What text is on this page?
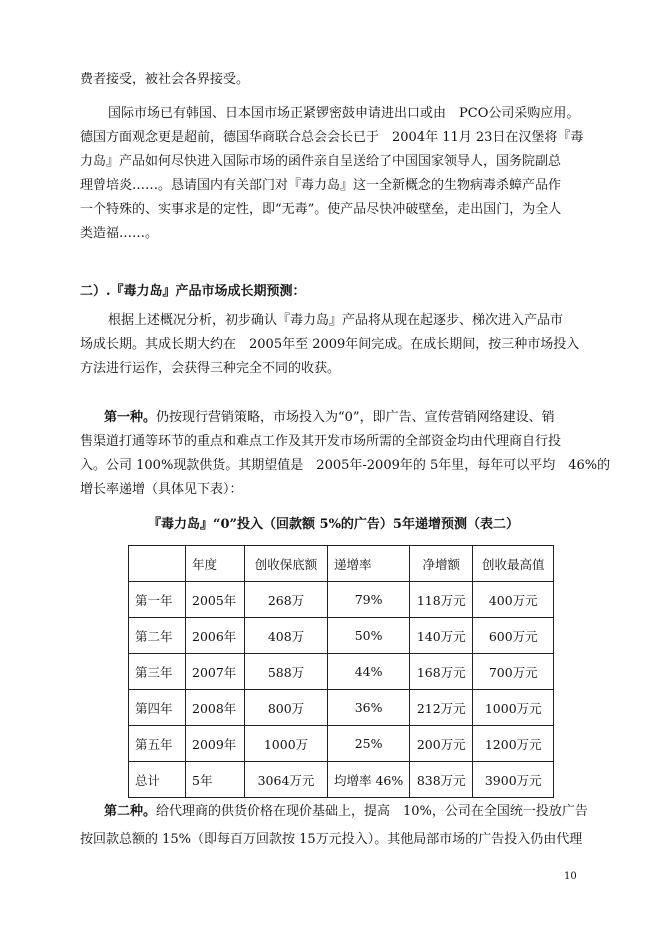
费者接受，被社会各界接受。
国际市场已有韩国、日本国市场正紧锣密鼓申请进出口或由　PCO公司采购应用。
德国方面观念更是超前，德国华商联合总会会长已于　2004年 11月 23日在汉堡将『毒
力岛』产品如何尽快进入国际市场的函件亲自呈送给了中国国家领导人，国务院副总
理曾培炎……。恳请国内有关部门对『毒力岛』这一全新概念的生物病毒杀蟑产品作
一个特殊的、实事求是的定性，即“无毒”。使产品尽快冲破壁垒，走出国门，为全人
类造福……。
二）.『毒力岛』产品市场成长期预测：
根据上述概况分析，初步确认『毒力岛』产品将从现在起逐步、梯次进入产品市
场成长期。其成长期大约在　2005年至 2009年间完成。在成长期间，按三种市场投入
方法进行运作，会获得三种完全不同的收获。
第一种。仍按现行营销策略，市场投入为“0”，即广告、宣传营销网络建设、销
售渠道打通等环节的重点和难点工作及其开发市场所需的全部资金均由代理商自行投
入。公司 100%现款供货。其期望值是　2005年-2009年的 5年里，每年可以平均　46%的
增长率递增（具体见下表）：
『毒力岛』“0”投入（回款额 5%的广告）5年递增预测（表二）
	年度	创收保底额	递增率	净增额	创收最高值
第一年	2005年	268万	79%	118万元	400万元
第二年	2006年	408万	50%	140万元	600万元
第三年	2007年	588万	44%	168万元	700万元
第四年	2008年	800万	36%	212万元	1000万元
第五年	2009年	1000万	25%	200万元	1200万元
总计	5年	3064万元	均增率 46%	838万元	3900万元
第二种。给代理商的供货价格在现价基础上，提高　10%，公司在全国统一投放广告
按回款总额的 15%（即每百万回款按 15万元投入）。其他局部市场的广告投入仍由代理
10
